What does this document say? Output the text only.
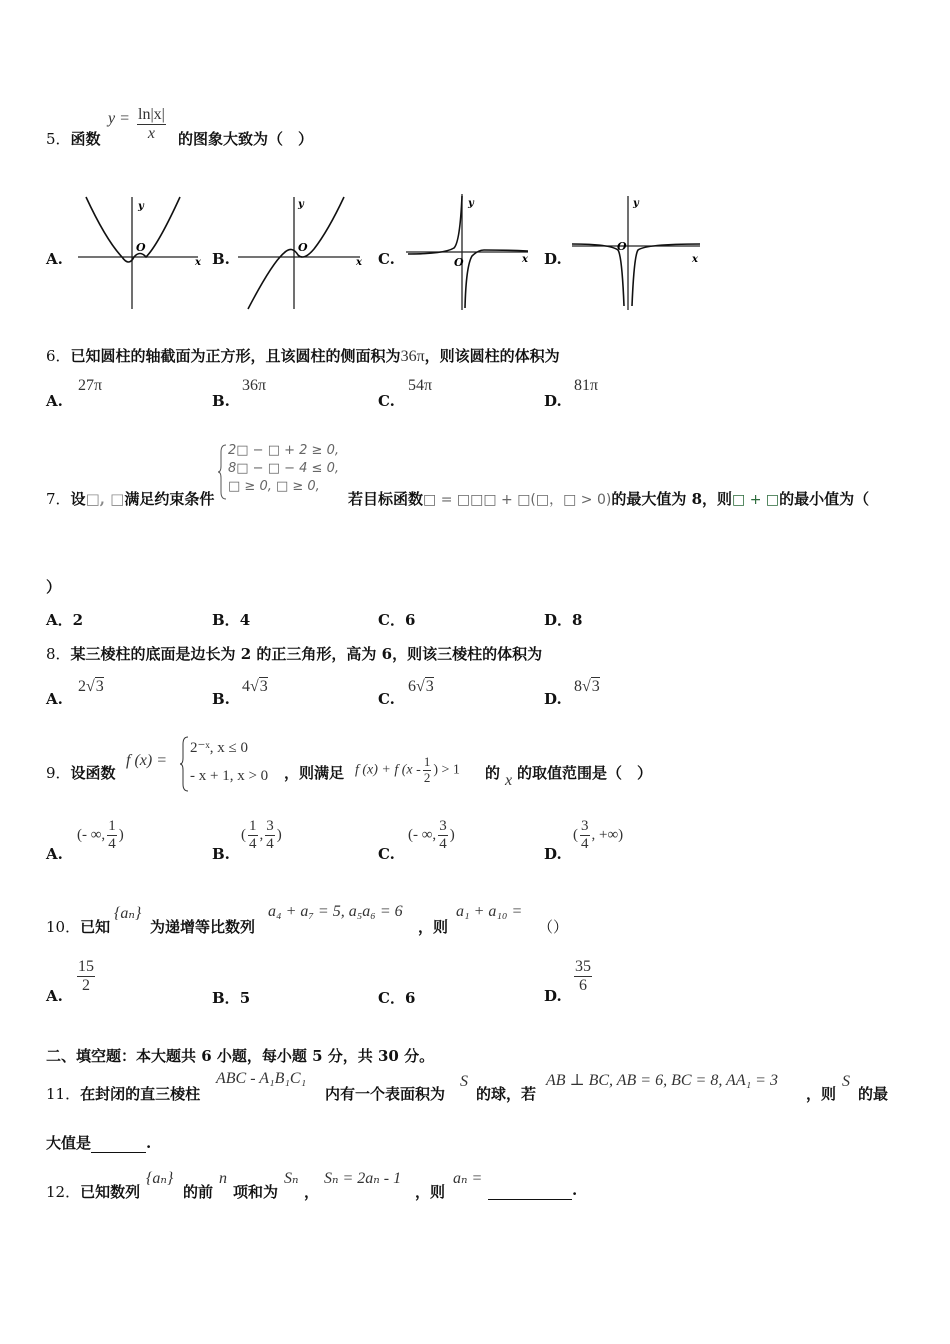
5．函数
$y = \frac{\ln|x|}{x}$ 的图象大致为（　）
A.
y
x
O
B.
y
x
O
C.
y
x
O	D.
y
x
O
6．已知圆柱的轴截面为正方形，且该圆柱的侧面积为36π，则该圆柱的体积为
A.
27π
B.
36π
C.
54π
D.
81π
7．设□, □满足约束条件
2□ − □ + 2 ≥ 0,
8□ − □ − 4 ≤ 0,
□ ≥ 0, □ ≥ 0,
若目标函数□ = □□□ + □(□，□ > 0)的最大值为 8，则□ + □的最小值为（
）
A．2	B．4	C．6	D．8
8．某三棱柱的底面是边长为 2 的正三角形，高为 6，则该三棱柱的体积为
A.
2√3
B.
4√3
C.
6√3
D.
8√3
9．设函数
f (x) =
2⁻ˣ, x ≤ 0
- x + 1, x > 0 ，则满足 f (x) + f ($x - \frac{1}{2}$ ) > 1 的 x 的取值范围是（　）
A.
(- ∞, $\frac{1}{4}$ )
B.
( $\frac{1}{4}$ , $\frac{3}{4}$ )
C.
(- ∞, $\frac{3}{4}$ )
D.
( $\frac{3}{4}$ , +∞)
10．已知
{aₙ}
为递增等比数列
a₄ + a₇ = 5, a₅a₆ = 6
，则
a₁ + a₁₀ =
（）
A.
$\frac{15}{2}$
B．5	C．6	D.
$\frac{35}{6}$
二、填空题：本大题共 6 小题，每小题 5 分，共 30 分。
11．在封闭的直三棱柱
ABC - A₁B₁C₁
内有一个表面积为
S
的球，若
AB ⊥ BC, AB = 6, BC = 8, AA₁ = 3
，则
S
的最
大值是	.
12．已知数列
{aₙ}
的前
n
项和为
Sₙ
，
Sₙ = 2aₙ - 1
，则
aₙ =
.
